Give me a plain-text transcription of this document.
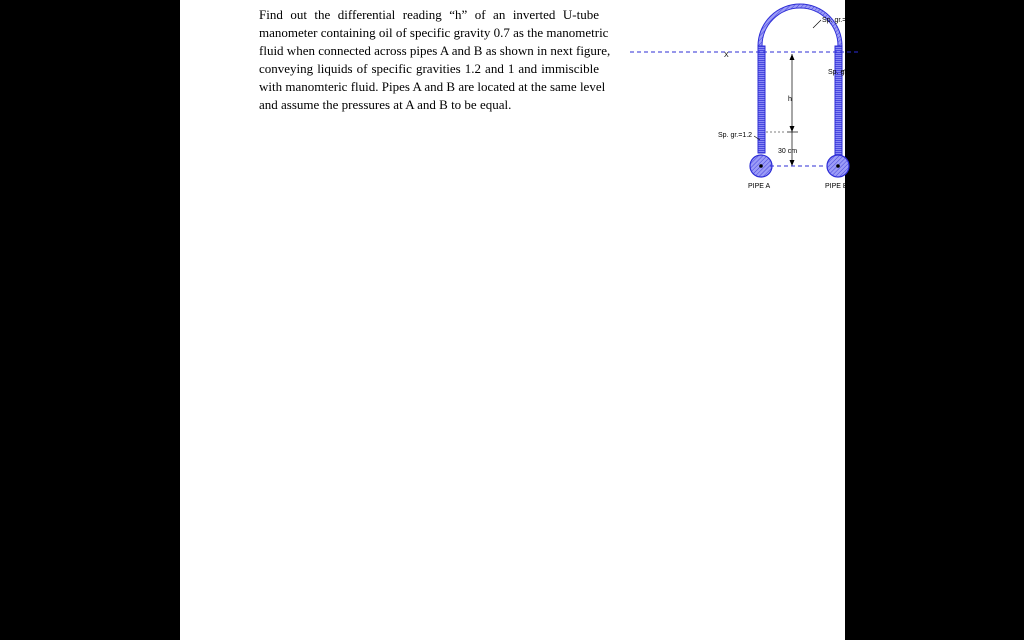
Find out the differential reading “h” of an inverted U-tube
manometer containing oil of specific gravity 0.7 as the manometric
fluid when connected across pipes A and B as shown in next figure,
conveying liquids of specific gravities 1.2 and 1 and immiscible
with manomteric fluid. Pipes A and B are located at the same level
and assume the pressures at A and B to be equal.

Sp. gr.=0.7
Sp. gr.=1.0
Sp. gr.=1.2
h
30 cm
X	X
PIPE A	PIPE B
